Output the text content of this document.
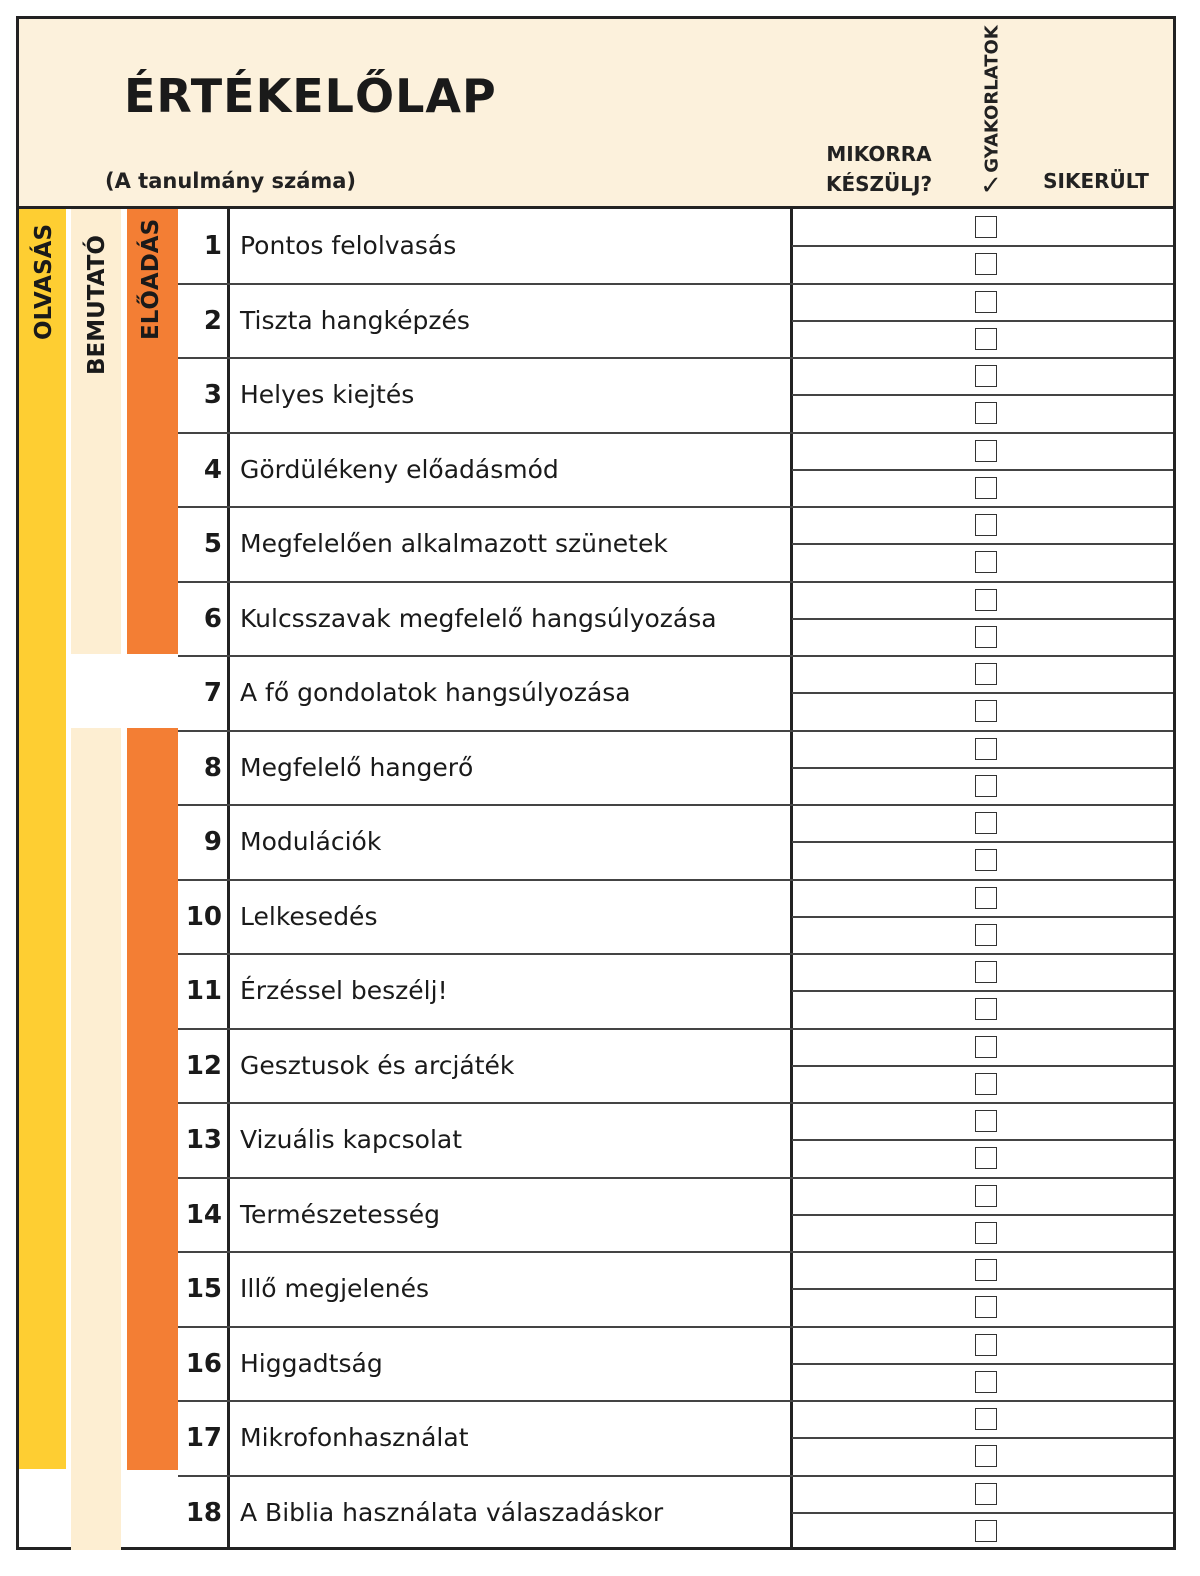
ÉRTÉKELŐLAP
(A tanulmány száma)
MIKORRA
KÉSZÜLJ?
GYAKORLATOK
✓	SIKERÜLT
OLVASÁS BEMUTATÓ ELŐADÁS	1 Pontos felolvasás
2 Tiszta hangképzés
3 Helyes kiejtés
4 Gördülékeny előadásmód
5 Megfelelően alkalmazott szünetek
6 Kulcsszavak megfelelő hangsúlyozása
7 A fő gondolatok hangsúlyozása
8 Megfelelő hangerő
9 Modulációk
10 Lelkesedés
11 Érzéssel beszélj!
12 Gesztusok és arcjáték
13 Vizuális kapcsolat
14 Természetesség
15 Illő megjelenés
16 Higgadtság
17 Mikrofonhasználat
18 A Biblia használata válaszadáskor
